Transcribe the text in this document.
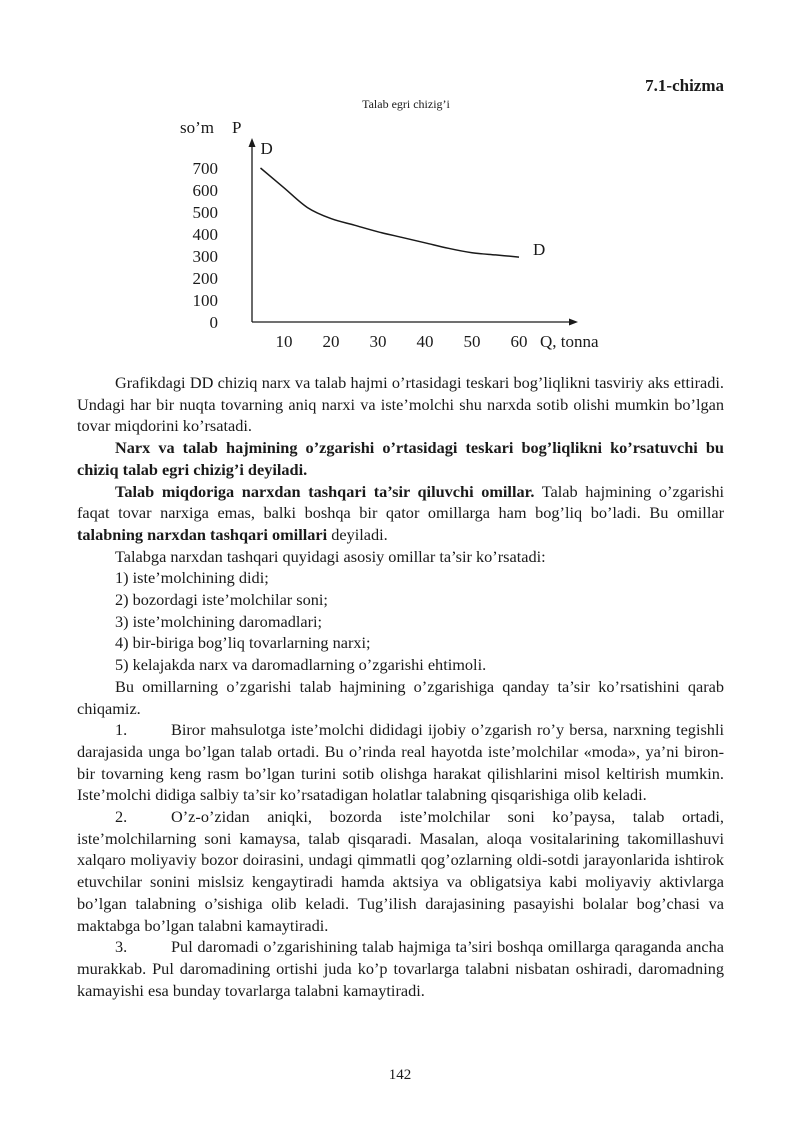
7.1-chizma
Talab egri chizig’i
so’m P
700
600
500
400
300
200
100
0
10 20 30 40 50 60
D
D
Q, tonna

Grafikdagi DD chiziq narx va talab hajmi o’rtasidagi teskari bog’liqlikni tasviriy aks ettiradi. Undagi har bir nuqta tovarning aniq narxi va iste’molchi shu narxda sotib olishi mumkin bo’lgan tovar miqdorini ko’rsatadi.

Narx va talab hajmining o’zgarishi o’rtasidagi teskari bog’liqlikni ko’rsatuvchi bu chiziq talab egri chizig’i deyiladi.

Talab miqdoriga narxdan tashqari ta’sir qiluvchi omillar. Talab hajmining o’zgarishi faqat tovar narxiga emas, balki boshqa bir qator omillarga ham bog’liq bo’ladi. Bu omillar talabning narxdan tashqari omillari deyiladi.

Talabga narxdan tashqari quyidagi asosiy omillar ta’sir ko’rsatadi:

1) iste’molchining didi;

2) bozordagi iste’molchilar soni;

3) iste’molchining daromadlari;

4) bir-biriga bog’liq tovarlarning narxi;

5) kelajakda narx va daromadlarning o’zgarishi ehtimoli.

Bu omillarning o’zgarishi talab hajmining o’zgarishiga qanday ta’sir ko’rsatishini qarab chiqamiz.

1.	Biror mahsulotga iste’molchi dididagi ijobiy o’zgarish ro’y bersa, narxning tegishli darajasida unga bo’lgan talab ortadi. Bu o’rinda real hayotda iste’molchilar «moda», ya’ni biron-bir tovarning keng rasm bo’lgan turini sotib olishga harakat qilishlarini misol keltirish mumkin. Iste’molchi didiga salbiy ta’sir ko’rsatadigan holatlar talabning qisqarishiga olib keladi.

2.	O’z-o’zidan aniqki, bozorda iste’molchilar soni ko’paysa, talab ortadi, iste’molchilarning soni kamaysa, talab qisqaradi. Masalan, aloqa vositalarining takomillashuvi xalqaro moliyaviy bozor doirasini, undagi qimmatli qog’ozlarning oldi-sotdi jarayonlarida ishtirok etuvchilar sonini mislsiz kengaytiradi hamda aktsiya va obligatsiya kabi moliyaviy aktivlarga bo’lgan talabning o’sishiga olib keladi. Tug’ilish darajasining pasayishi bolalar bog’chasi va maktabga bo’lgan talabni kamaytiradi.

3.	Pul daromadi o’zgarishining talab hajmiga ta’siri boshqa omillarga qaraganda ancha murakkab. Pul daromadining ortishi juda ko’p tovarlarga talabni nisbatan oshiradi, daromadning kamayishi esa bunday tovarlarga talabni kamaytiradi.

142
